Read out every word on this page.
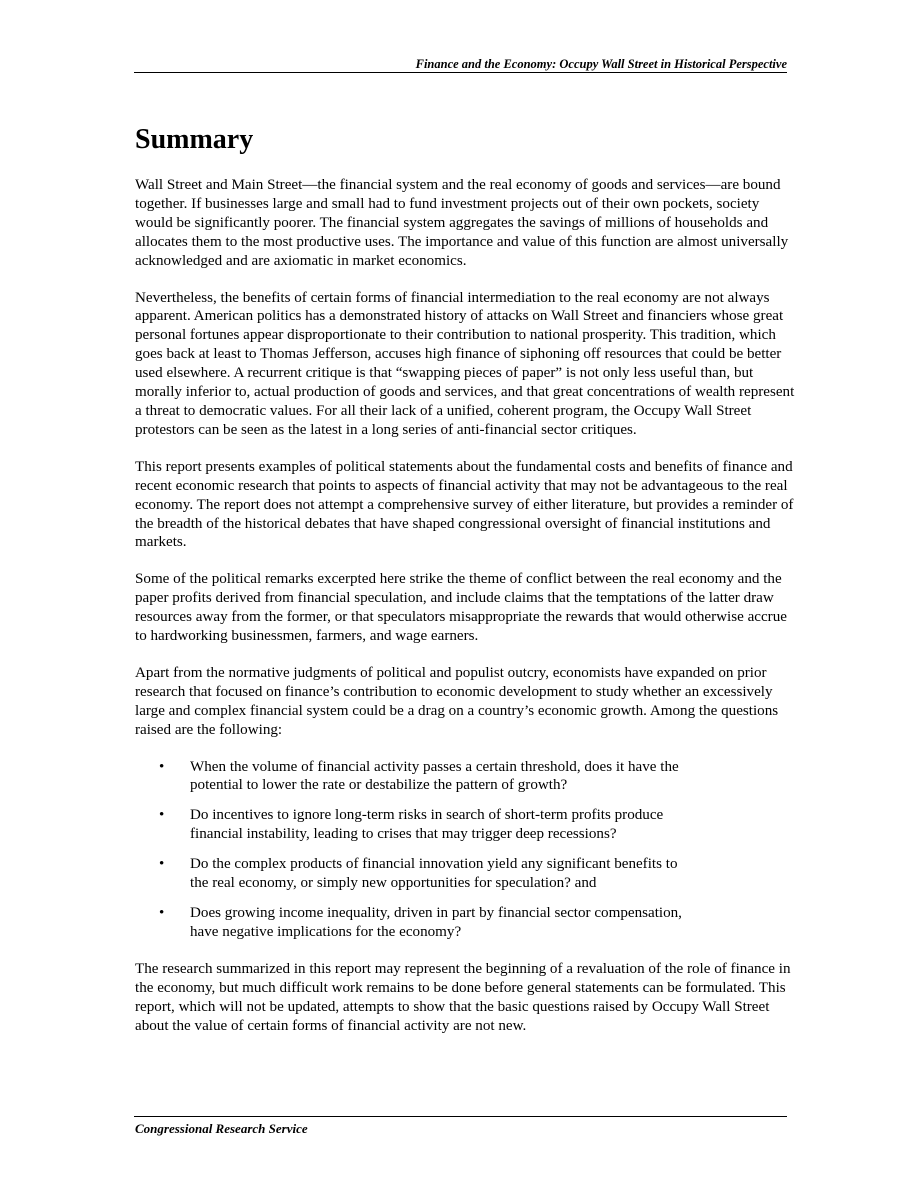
Finance and the Economy: Occupy Wall Street in Historical Perspective
Summary

Wall Street and Main Street—the financial system and the real economy of goods and services—are bound together. If businesses large and small had to fund investment projects out of their own pockets, society would be significantly poorer. The financial system aggregates the savings of millions of households and allocates them to the most productive uses. The importance and value of this function are almost universally acknowledged and are axiomatic in market economics.

Nevertheless, the benefits of certain forms of financial intermediation to the real economy are not always apparent. American politics has a demonstrated history of attacks on Wall Street and financiers whose great personal fortunes appear disproportionate to their contribution to national prosperity. This tradition, which goes back at least to Thomas Jefferson, accuses high finance of siphoning off resources that could be better used elsewhere. A recurrent critique is that “swapping pieces of paper” is not only less useful than, but morally inferior to, actual production of goods and services, and that great concentrations of wealth represent a threat to democratic values. For all their lack of a unified, coherent program, the Occupy Wall Street protestors can be seen as the latest in a long series of anti-financial sector critiques.

This report presents examples of political statements about the fundamental costs and benefits of finance and recent economic research that points to aspects of financial activity that may not be advantageous to the real economy. The report does not attempt a comprehensive survey of either literature, but provides a reminder of the breadth of the historical debates that have shaped congressional oversight of financial institutions and markets.

Some of the political remarks excerpted here strike the theme of conflict between the real economy and the paper profits derived from financial speculation, and include claims that the temptations of the latter draw resources away from the former, or that speculators misappropriate the rewards that would otherwise accrue to hardworking businessmen, farmers, and wage earners.

Apart from the normative judgments of political and populist outcry, economists have expanded on prior research that focused on finance’s contribution to economic development to study whether an excessively large and complex financial system could be a drag on a country’s economic growth. Among the questions raised are the following:

• When the volume of financial activity passes a certain threshold, does it have the
potential to lower the rate or destabilize the pattern of growth?
• Do incentives to ignore long-term risks in search of short-term profits produce
financial instability, leading to crises that may trigger deep recessions?
• Do the complex products of financial innovation yield any significant benefits to
the real economy, or simply new opportunities for speculation? and
• Does growing income inequality, driven in part by financial sector compensation,
have negative implications for the economy?

The research summarized in this report may represent the beginning of a revaluation of the role of finance in the economy, but much difficult work remains to be done before general statements can be formulated. This report, which will not be updated, attempts to show that the basic questions raised by Occupy Wall Street about the value of certain forms of financial activity are not new.

Congressional Research Service
